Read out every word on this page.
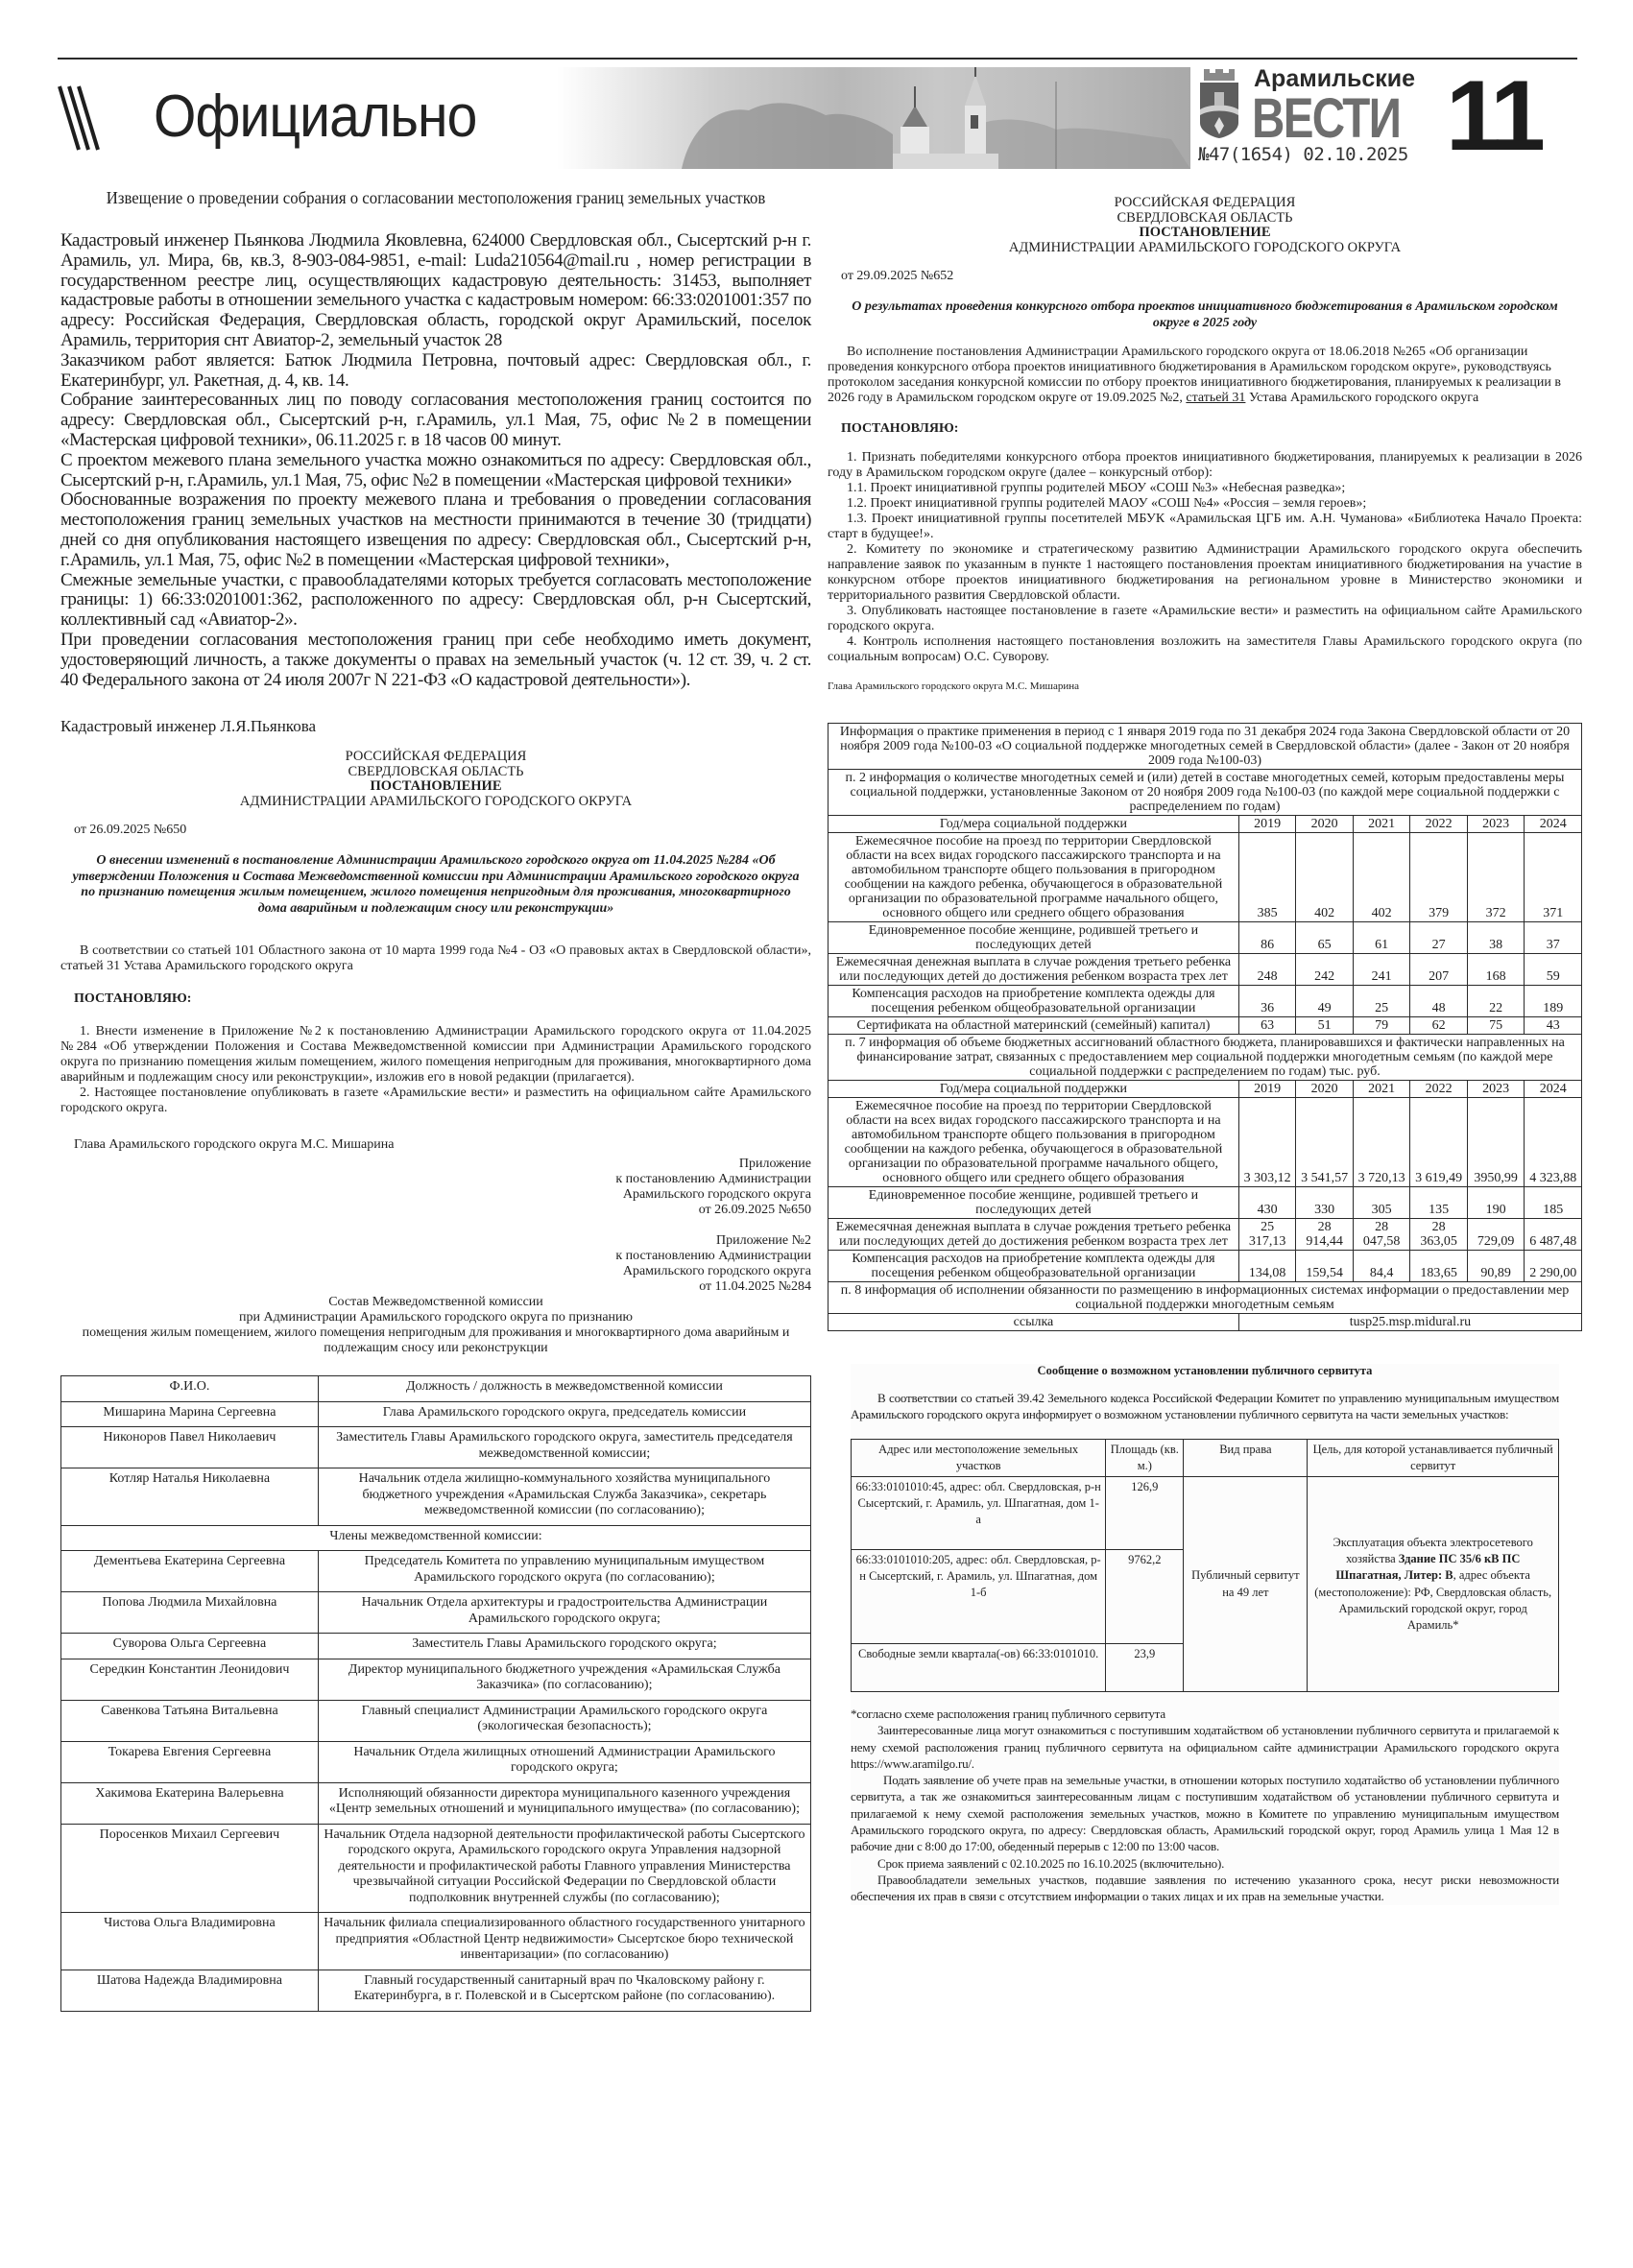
Официально
Арамильские
ВЕСТИ
№47(1654) 02.10.2025 11
Извещение о проведении собрания о согласовании местоположения границ земельных участков

Кадастровый инженер Пьянкова Людмила Яковлевна, 624000 Свердловская обл., Сысертский р-н г. Арамиль, ул. Мира, 6в, кв.3, 8-903-084-9851, e-mail: Luda210564@mail.ru , номер регистрации в государственном реестре лиц, осуществляющих кадастровую деятельность: 31453, выполняет кадастровые работы в отношении земельного участка с кадастровым номером: 66:33:0201001:357 по адресу: Российская Федерация, Свердловская область, городской округ Арамильский, поселок Арамиль, территория снт Авиатор-2, земельный участок 28

Заказчиком работ является: Батюк Людмила Петровна, почтовый адрес: Свердловская обл., г. Екатеринбург, ул. Ракетная, д. 4, кв. 14.

Собрание заинтересованных лиц по поводу согласования местоположения границ состоится по адресу: Свердловская обл., Сысертский р-н, г.Арамиль, ул.1 Мая, 75, офис №2 в помещении «Мастерская цифровой техники», 06.11.2025 г. в 18 часов 00 минут.

С проектом межевого плана земельного участка можно ознакомиться по адресу: Свердловская обл., Сысертский р-н, г.Арамиль, ул.1 Мая, 75, офис №2 в помещении «Мастерская цифровой техники»

Обоснованные возражения по проекту межевого плана и требования о проведении согласования местоположения границ земельных участков на местности принимаются в течение 30 (тридцати) дней со дня опубликования настоящего извещения по адресу: Свердловская обл., Сысертский р-н, г.Арамиль, ул.1 Мая, 75, офис №2 в помещении «Мастерская цифровой техники»,

Смежные земельные участки, с правообладателями которых требуется согласовать местоположение границы: 1) 66:33:0201001:362, расположенного по адресу: Свердловская обл, р-н Сысертский, коллективный сад «Авиатор-2».

При проведении согласования местоположения границ при себе необходимо иметь документ, удостоверяющий личность, а также документы о правах на земельный участок (ч. 12 ст. 39, ч. 2 ст. 40 Федерального закона от 24 июля 2007г N 221-ФЗ «О кадастровой деятельности»).

Кадастровый инженер Л.Я.Пьянкова
РОССИЙСКАЯ ФЕДЕРАЦИЯ
СВЕРДЛОВСКАЯ ОБЛАСТЬ
ПОСТАНОВЛЕНИЕ
АДМИНИСТРАЦИИ АРАМИЛЬСКОГО ГОРОДСКОГО ОКРУГА
от 26.09.2025 №650
О внесении изменений в постановление Администрации Арамильского городского округа от 11.04.2025 №284 «Об утверждении Положения и Состава Межведомственной комиссии при Администрации Арамильского городского округа по признанию помещения жилым помещением, жилого помещения непригодным для проживания, многоквартирного дома аварийным и подлежащим сносу или реконструкции»

В соответствии со статьей 101 Областного закона от 10 марта 1999 года №4 - ОЗ «О правовых актах в Свердловской области», статьей 31 Устава Арамильского городского округа

ПОСТАНОВЛЯЮ:

1. Внести изменение в Приложение №2 к постановлению Администрации Арамильского городского округа от 11.04.2025 №284 «Об утверждении Положения и Состава Межведомственной комиссии при Администрации Арамильского городского округа по признанию помещения жилым помещением, жилого помещения непригодным для проживания, многоквартирного дома аварийным и подлежащим сносу или реконструкции», изложив его в новой редакции (прилагается).

2. Настоящее постановление опубликовать в газете «Арамильские вести» и разместить на официальном сайте Арамильского городского округа.

Глава Арамильского городского округа М.С. Мишарина

Приложение
к постановлению Администрации
Арамильского городского округа
от 26.09.2025 №650
Приложение №2
к постановлению Администрации
Арамильского городского округа
от 11.04.2025 №284
Состав Межведомственной комиссии
при Администрации Арамильского городского округа по признанию
помещения жилым помещением, жилого помещения непригодным для проживания и многоквартирного дома аварийным и подлежащим сносу или реконструкции
Ф.И.О.	Должность / должность в межведомственной комиссии
Мишарина Марина Сергеевна	Глава Арамильского городского округа, председатель комиссии
Никоноров Павел Николаевич	Заместитель Главы Арамильского городского округа, заместитель председателя межведомственной комиссии;
Котляр Наталья Николаевна	Начальник отдела жилищно-коммунального хозяйства муниципального бюджетного учреждения «Арамильская Служба Заказчика», секретарь межведомственной комиссии (по согласованию);
Члены межведомственной комиссии:	
Дементьева Екатерина Сергеевна	Председатель Комитета по управлению муниципальным имуществом Арамильского городского округа (по согласованию);
Попова Людмила Михайловна	Начальник Отдела архитектуры и градостроительства Администрации Арамильского городского округа;
Суворова Ольга Сергеевна	Заместитель Главы Арамильского городского округа;
Середкин Константин Леонидович	Директор муниципального бюджетного учреждения «Арамильская Служба Заказчика» (по согласованию);
Савенкова Татьяна Витальевна	Главный специалист Администрации Арамильского городского округа (экологическая безопасность);
Токарева Евгения Сергеевна	Начальник Отдела жилищных отношений Администрации Арамильского городского округа;
Хакимова Екатерина Валерьевна	Исполняющий обязанности директора муниципального казенного учреждения «Центр земельных отношений и муниципального имущества» (по согласованию);
Поросенков Михаил Сергеевич	Начальник Отдела надзорной деятельности профилактической работы Сысертского городского округа, Арамильского городского округа Управления надзорной деятельности и профилактической работы Главного управления Министерства чрезвычайной ситуации Российской Федерации по Свердловской области подполковник внутренней службы (по согласованию);
Чистова Ольга Владимировна	Начальник филиала специализированного областного государственного унитарного предприятия «Областной Центр недвижимости» Сысертское бюро технической инвентаризации» (по согласованию)
Шатова Надежда Владимировна	Главный государственный санитарный врач по Чкаловскому району г. Екатеринбурга, в г. Полевской и в Сысертском районе (по согласованию).
РОССИЙСКАЯ ФЕДЕРАЦИЯ
СВЕРДЛОВСКАЯ ОБЛАСТЬ
ПОСТАНОВЛЕНИЕ
АДМИНИСТРАЦИИ АРАМИЛЬСКОГО ГОРОДСКОГО ОКРУГА
от 29.09.2025 №652
О результатах проведения конкурсного отбора проектов инициативного бюджетирования в Арамильском городском округе в 2025 году

Во исполнение постановления Администрации Арамильского городского округа от 18.06.2018 №265 «Об организации проведения конкурсного отбора проектов инициативного бюджетирования в Арамильском городском округе», руководствуясь протоколом заседания конкурсной комиссии по отбору проектов инициативного бюджетирования, планируемых к реализации в 2026 году в Арамильском городском округе от 19.09.2025 №2, статьей 31 Устава Арамильского городского округа

ПОСТАНОВЛЯЮ:

1. Признать победителями конкурсного отбора проектов инициативного бюджетирования, планируемых к реализации в 2026 году в Арамильском городском округе (далее – конкурсный отбор):

1.1. Проект инициативной группы родителей МБОУ «СОШ №3» «Небесная разведка»;

1.2. Проект инициативной группы родителей МАОУ «СОШ №4» «Россия – земля героев»;

1.3. Проект инициативной группы посетителей МБУК «Арамильская ЦГБ им. А.Н. Чуманова» «Библиотека Начало Проекта: старт в будущее!».

2. Комитету по экономике и стратегическому развитию Администрации Арамильского городского округа обеспечить направление заявок по указанным в пункте 1 настоящего постановления проектам инициативного бюджетирования на участие в конкурсном отборе проектов инициативного бюджетирования на региональном уровне в Министерство экономики и территориального развития Свердловской области.

3. Опубликовать настоящее постановление в газете «Арамильские вести» и разместить на официальном сайте Арамильского городского округа.

4. Контроль исполнения настоящего постановления возложить на заместителя Главы Арамильского городского округа (по социальным вопросам) О.С. Суворову.

Глава Арамильского городского округа М.С. Мишарина

Информация о практике применения в период с 1 января 2019 года по 31 декабря 2024 года Закона Свердловской области от 20 ноября 2009 года №100-03 «О социальной поддержке многодетных семей в Свердловской области» (далее - Закон от 20 ноября 2009 года №100-03)						
п. 2 информация о количестве многодетных семей и (или) детей в составе многодетных семей, которым предоставлены меры социальной поддержки, установленные Законом от 20 ноября 2009 года №100-03 (по каждой мере социальной поддержки с распределением по годам)						
Год/мера социальной поддержки	2019	2020	2021	2022	2023	2024
Ежемесячное пособие на проезд по территории Свердловской области на всех видах городского пассажирского транспорта и на автомобильном транспорте общего пользования в пригородном сообщении на каждого ребенка, обучающегося в образовательной организации по образовательной программе начального общего, основного общего или среднего общего образования	385	402	402	379	372	371
Единовременное пособие женщине, родившей третьего и последующих детей	86	65	61	27	38	37
Ежемесячная денежная выплата в случае рождения третьего ребенка или последующих детей до достижения ребенком возраста трех лет	248	242	241	207	168	59
Компенсация расходов на приобретение комплекта одежды для посещения ребенком общеобразовательной организации	36	49	25	48	22	189
Сертификата на областной материнский (семейный) капитал)	63	51	79	62	75	43
п. 7 информация об объеме бюджетных ассигнований областного бюджета, планировавшихся и фактически направленных на финансирование затрат, связанных с предоставлением мер социальной поддержки многодетным семьям (по каждой мере социальной поддержки с распределением по годам) тыс. руб.						
Год/мера социальной поддержки	2019	2020	2021	2022	2023	2024
Ежемесячное пособие на проезд по территории Свердловской области на всех видах городского пассажирского транспорта и на автомобильном транспорте общего пользования в пригородном сообщении на каждого ребенка, обучающегося в образовательной организации по образовательной программе начального общего, основного общего или среднего общего образования	3 303,12	3 541,57	3 720,13	3 619,49	3950,99	4 323,88
Единовременное пособие женщине, родившей третьего и последующих детей	430	330	305	135	190	185
Ежемесячная денежная выплата в случае рождения третьего ребенка или последующих детей до достижения ребенком возраста трех лет	25 317,13	28 914,44	28 047,58	28 363,05	729,09	6 487,48
Компенсация расходов на приобретение комплекта одежды для посещения ребенком общеобразовательной организации	134,08	159,54	84,4	183,65	90,89	2 290,00
п. 8 информация об исполнении обязанности по размещению в информационных системах информации о предоставлении мер социальной поддержки многодетным семьям						
ссылка	tusp25.msp.midural.ru					
Сообщение о возможном установлении публичного сервитута

В соответствии со статьей 39.42 Земельного кодекса Российской Федерации Комитет по управлению муниципальным имуществом Арамильского городского округа информирует о возможном установлении публичного сервитута на части земельных участков:

Адрес или местоположение земельных участков	Площадь (кв. м.)	Вид права	Цель, для которой устанавливается публичный сервитут
66:33:0101010:45, адрес: обл. Свердловская, р-н Сысертский, г. Арамиль, ул. Шпагатная, дом 1-а	126,9	Публичный сервитут на 49 лет	Эксплуатация объекта электросетевого хозяйства Здание ПС 35/6 кВ ПС Шпагатная, Литер: В, адрес объекта (местоположение): РФ, Свердловская область, Арамильский городской округ, город Арамиль*
66:33:0101010:205, адрес: обл. Свердловская, р-н Сысертский, г. Арамиль, ул. Шпагатная, дом 1-б	9762,2		
Свободные земли квартала(-ов) 66:33:0101010.	23,9		

*согласно схеме расположения границ публичного сервитута

Заинтересованные лица могут ознакомиться с поступившим ходатайством об установлении публичного сервитута и прилагаемой к нему схемой расположения границ публичного сервитута на официальном сайте администрации Арамильского городского округа https://www.aramilgo.ru/.

Подать заявление об учете прав на земельные участки, в отношении которых поступило ходатайство об установлении публичного сервитута, а так же ознакомиться заинтересованным лицам с поступившим ходатайством об установлении публичного сервитута и прилагаемой к нему схемой расположения земельных участков, можно в Комитете по управлению муниципальным имуществом Арамильского городского округа, по адресу: Свердловская область, Арамильский городской округ, город Арамиль улица 1 Мая 12 в рабочие дни с 8:00 до 17:00, обеденный перерыв с 12:00 по 13:00 часов.

Срок приема заявлений с 02.10.2025 по 16.10.2025 (включительно).

Правообладатели земельных участков, подавшие заявления по истечению указанного срока, несут риски невозможности обеспечения их прав в связи с отсутствием информации о таких лицах и их прав на земельные участки.
